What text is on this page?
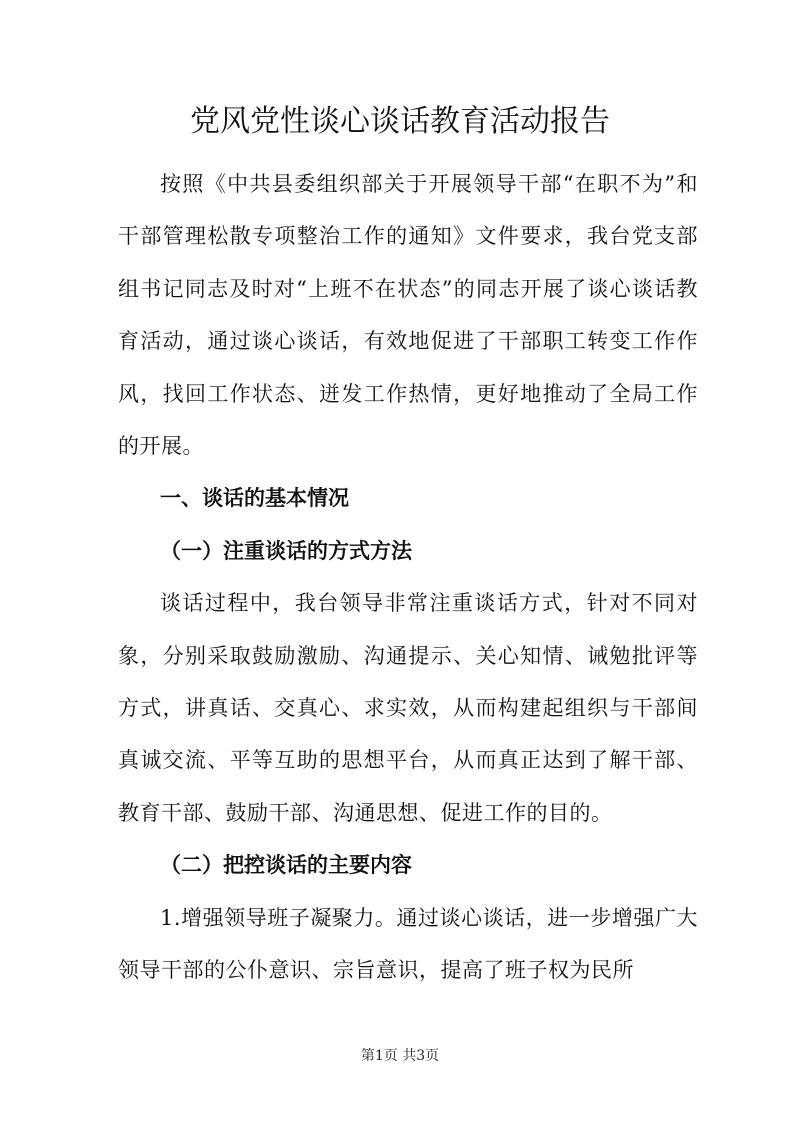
党风党性谈心谈话教育活动报告

按照《中共县委组织部关于开展领导干部“在职不为”和干部管理松散专项整治工作的通知》文件要求，我台党支部组书记同志及时对“上班不在状态”的同志开展了谈心谈话教育活动，通过谈心谈话，有效地促进了干部职工转变工作作风，找回工作状态、迸发工作热情，更好地推动了全局工作的开展。

一、谈话的基本情况

（一）注重谈话的方式方法

谈话过程中，我台领导非常注重谈话方式，针对不同对象，分别采取鼓励激励、沟通提示、关心知情、诫勉批评等方式，讲真话、交真心、求实效，从而构建起组织与干部间真诚交流、平等互助的思想平台，从而真正达到了解干部、教育干部、鼓励干部、沟通思想、促进工作的目的。

（二）把控谈话的主要内容

1.增强领导班子凝聚力。通过谈心谈话，进一步增强广大领导干部的公仆意识、宗旨意识，提高了班子权为民所

第1页 共3页
